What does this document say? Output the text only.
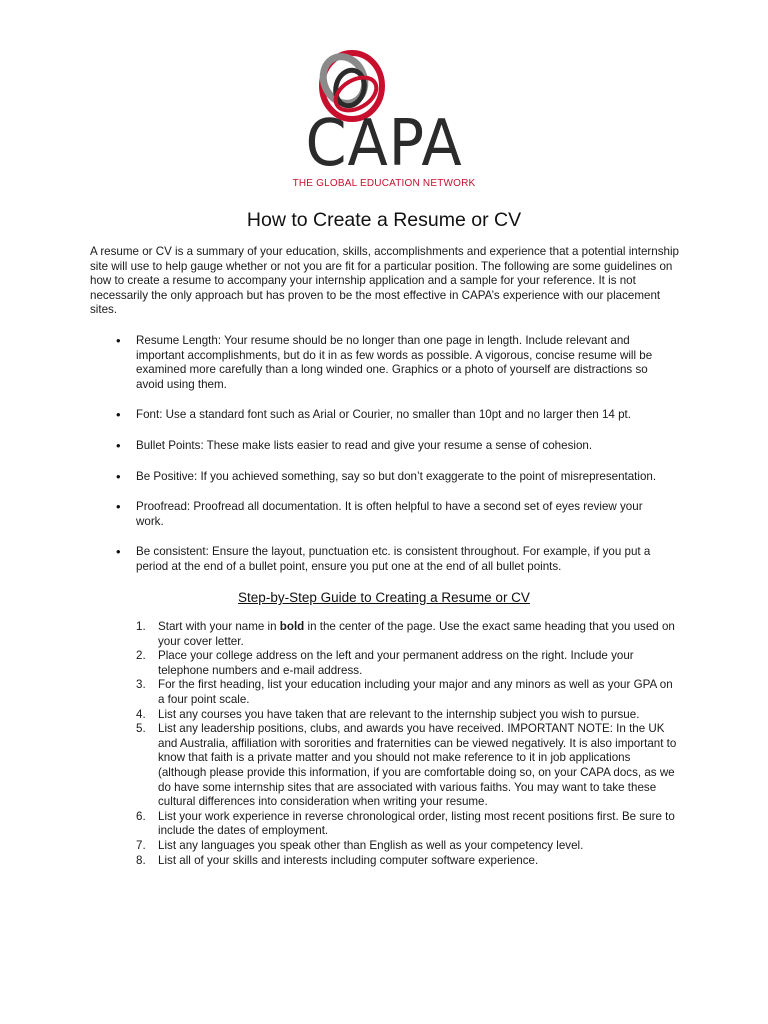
CAPA
THE GLOBAL EDUCATION NETWORK
How to Create a Resume or CV

A resume or CV is a summary of your education, skills, accomplishments and experience that a potential internship site will use to help gauge whether or not you are fit for a particular position. The following are some guidelines on how to create a resume to accompany your internship application and a sample for your reference. It is not necessarily the only approach but has proven to be the most effective in CAPA’s experience with our placement sites.

• Resume Length: Your resume should be no longer than one page in length. Include relevant and important accomplishments, but do it in as few words as possible. A vigorous, concise resume will be examined more carefully than a long winded one. Graphics or a photo of yourself are distractions so avoid using them.
• Font: Use a standard font such as Arial or Courier, no smaller than 10pt and no larger then 14 pt.
• Bullet Points: These make lists easier to read and give your resume a sense of cohesion.
• Be Positive: If you achieved something, say so but don’t exaggerate to the point of misrepresentation.
• Proofread: Proofread all documentation. It is often helpful to have a second set of eyes review your work.
• Be consistent: Ensure the layout, punctuation etc. is consistent throughout. For example, if you put a period at the end of a bullet point, ensure you put one at the end of all bullet points.
Step-by-Step Guide to Creating a Resume or CV
1. Start with your name in bold in the center of the page. Use the exact same heading that you used on your cover letter.
2. Place your college address on the left and your permanent address on the right. Include your telephone numbers and e-mail address.
3. For the first heading, list your education including your major and any minors as well as your GPA on a four point scale.
4. List any courses you have taken that are relevant to the internship subject you wish to pursue.
5. List any leadership positions, clubs, and awards you have received. IMPORTANT NOTE: In the UK and Australia, affiliation with sororities and fraternities can be viewed negatively. It is also important to know that faith is a private matter and you should not make reference to it in job applications (although please provide this information, if you are comfortable doing so, on your CAPA docs, as we do have some internship sites that are associated with various faiths. You may want to take these cultural differences into consideration when writing your resume.
6. List your work experience in reverse chronological order, listing most recent positions first. Be sure to include the dates of employment.
7. List any languages you speak other than English as well as your competency level.
8. List all of your skills and interests including computer software experience.
